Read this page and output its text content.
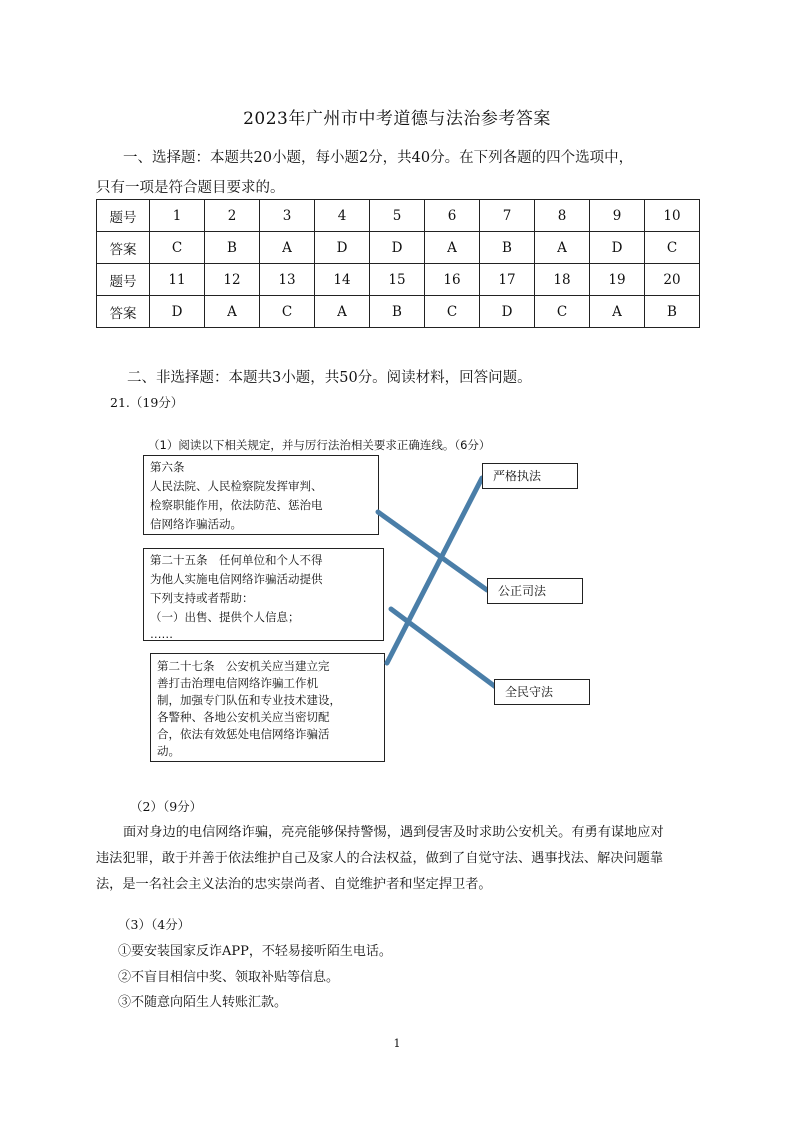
2023年广州市中考道德与法治参考答案
一、选择题：本题共20小题，每小题2分，共40分。在下列各题的四个选项中，
只有一项是符合题目要求的。
题号	1	2	3	4	5	6	7	8	9	10
答案	C	B	A	D	D	A	B	A	D	C
题号	11	12	13	14	15	16	17	18	19	20
答案	D	A	C	A	B	C	D	C	A	B
二、非选择题：本题共3小题，共50分。阅读材料，回答问题。
21.（19分）
（1）阅读以下相关规定，并与厉行法治相关要求正确连线。（6分）
第六条
人民法院、人民检察院发挥审判、
检察职能作用，依法防范、惩治电
信网络诈骗活动。
第二十五条　任何单位和个人不得
为他人实施电信网络诈骗活动提供
下列支持或者帮助：
（一）出售、提供个人信息；
……
第二十七条　公安机关应当建立完
善打击治理电信网络诈骗工作机
制，加强专门队伍和专业技术建设，
各警种、各地公安机关应当密切配
合，依法有效惩处电信网络诈骗活
动。
严格执法
公正司法
全民守法
（2）（9分）
面对身边的电信网络诈骗，亮亮能够保持警惕，遇到侵害及时求助公安机关。有勇有谋地应对
违法犯罪，敢于并善于依法维护自己及家人的合法权益，做到了自觉守法、遇事找法、解决问题靠
法，是一名社会主义法治的忠实崇尚者、自觉维护者和坚定捍卫者。
（3）（4分）
①要安装国家反诈APP，不轻易接听陌生电话。
②不盲目相信中奖、领取补贴等信息。
③不随意向陌生人转账汇款。
1
